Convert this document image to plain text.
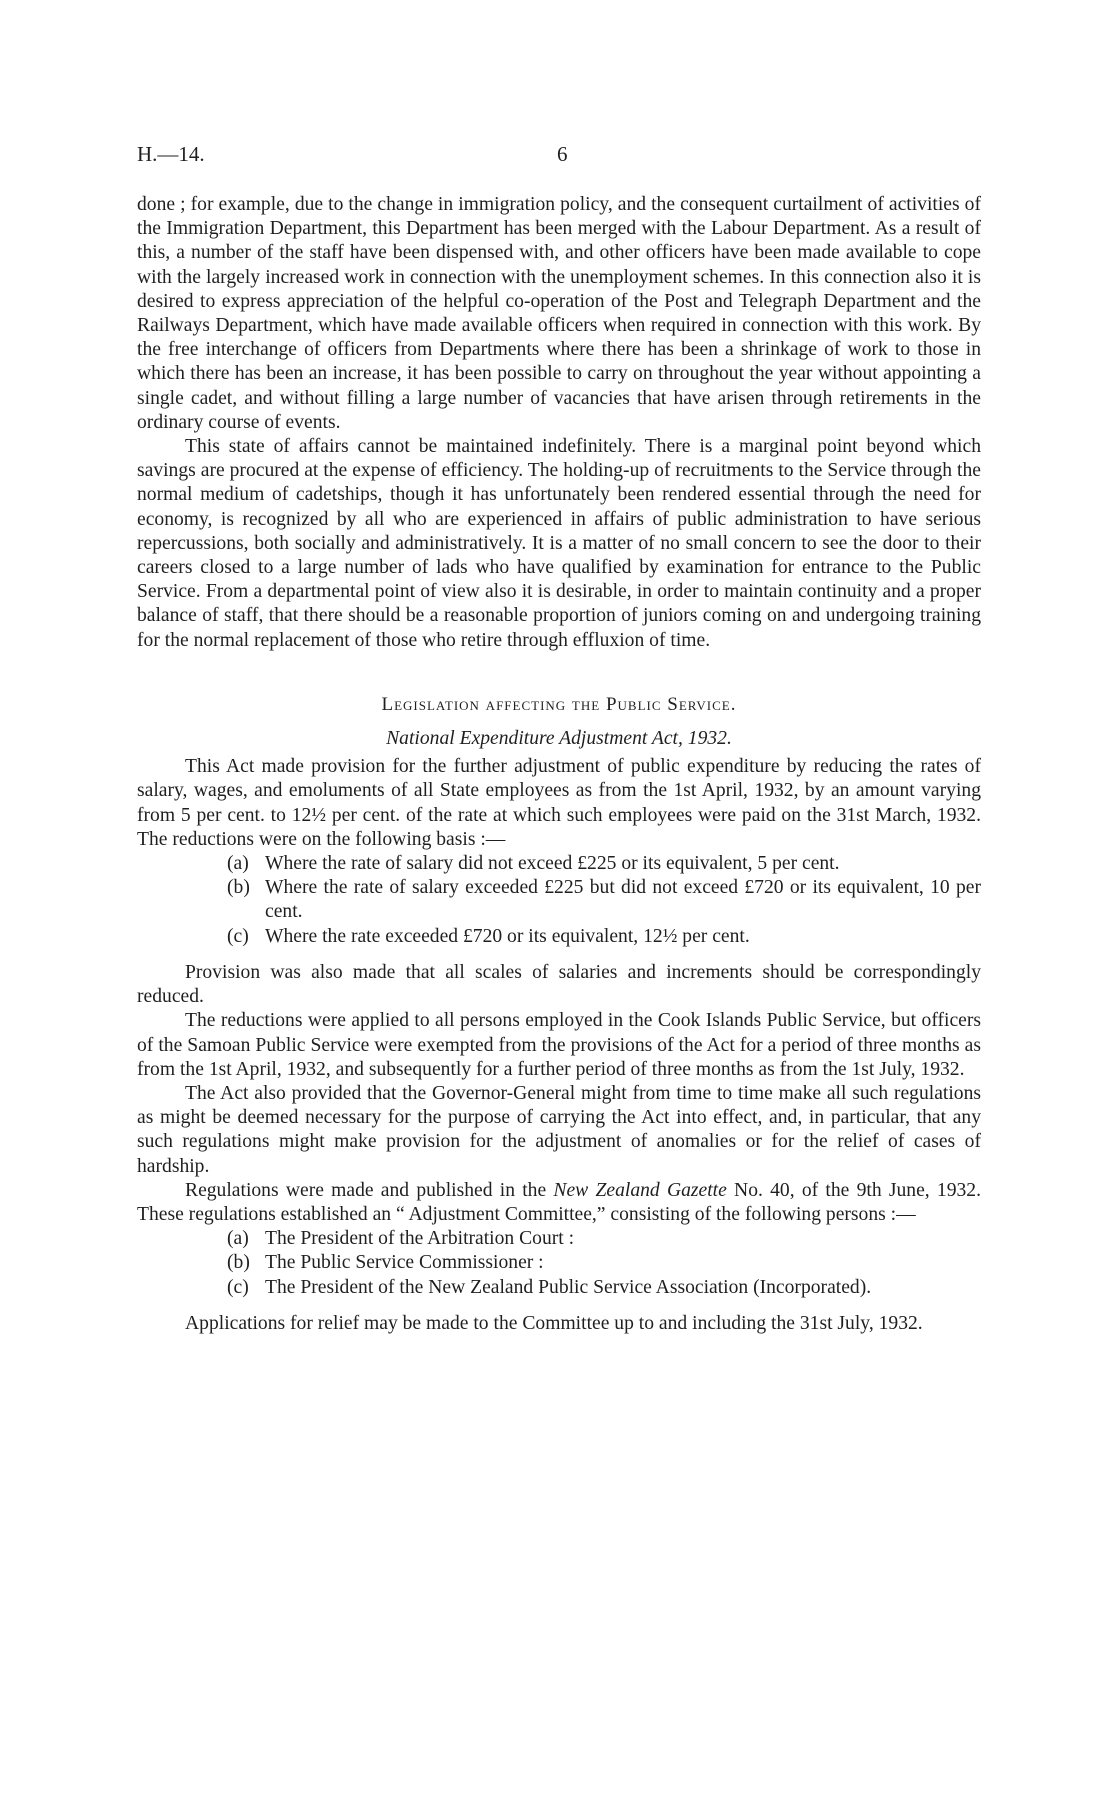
H.—14.	6

done ; for example, due to the change in immigration policy, and the consequent curtailment of activities of the Immigration Department, this Department has been merged with the Labour Department. As a result of this, a number of the staff have been dispensed with, and other officers have been made available to cope with the largely increased work in connection with the unemployment schemes. In this connection also it is desired to express appreciation of the helpful co-operation of the Post and Telegraph Department and the Railways Department, which have made available officers when required in connection with this work. By the free interchange of officers from Departments where there has been a shrinkage of work to those in which there has been an increase, it has been possible to carry on throughout the year without appointing a single cadet, and without filling a large number of vacancies that have arisen through retirements in the ordinary course of events.

This state of affairs cannot be maintained indefinitely. There is a marginal point beyond which savings are procured at the expense of efficiency. The holding-up of recruitments to the Service through the normal medium of cadetships, though it has unfortunately been rendered essential through the need for economy, is recognized by all who are experienced in affairs of public administration to have serious repercussions, both socially and administratively. It is a matter of no small concern to see the door to their careers closed to a large number of lads who have qualified by examination for entrance to the Public Service. From a departmental point of view also it is desirable, in order to maintain continuity and a proper balance of staff, that there should be a reasonable proportion of juniors coming on and undergoing training for the normal replacement of those who retire through effluxion of time.

Legislation affecting the Public Service.

National Expenditure Adjustment Act, 1932.

This Act made provision for the further adjustment of public expenditure by reducing the rates of salary, wages, and emoluments of all State employees as from the 1st April, 1932, by an amount varying from 5 per cent. to 12½ per cent. of the rate at which such employees were paid on the 31st March, 1932. The reductions were on the following basis :—

(a) Where the rate of salary did not exceed £225 or its equivalent, 5 per cent.
(b) Where the rate of salary exceeded £225 but did not exceed £720 or its equivalent, 10 per cent.
(c) Where the rate exceeded £720 or its equivalent, 12½ per cent.

Provision was also made that all scales of salaries and increments should be correspondingly reduced.

The reductions were applied to all persons employed in the Cook Islands Public Service, but officers of the Samoan Public Service were exempted from the provisions of the Act for a period of three months as from the 1st April, 1932, and subsequently for a further period of three months as from the 1st July, 1932.

The Act also provided that the Governor-General might from time to time make all such regulations as might be deemed necessary for the purpose of carrying the Act into effect, and, in particular, that any such regulations might make provision for the adjustment of anomalies or for the relief of cases of hardship.

Regulations were made and published in the New Zealand Gazette No. 40, of the 9th June, 1932. These regulations established an “ Adjustment Committee,” consisting of the following persons :—

(a) The President of the Arbitration Court :
(b) The Public Service Commissioner :
(c) The President of the New Zealand Public Service Association (Incorporated).

Applications for relief may be made to the Committee up to and including the 31st July, 1932.
